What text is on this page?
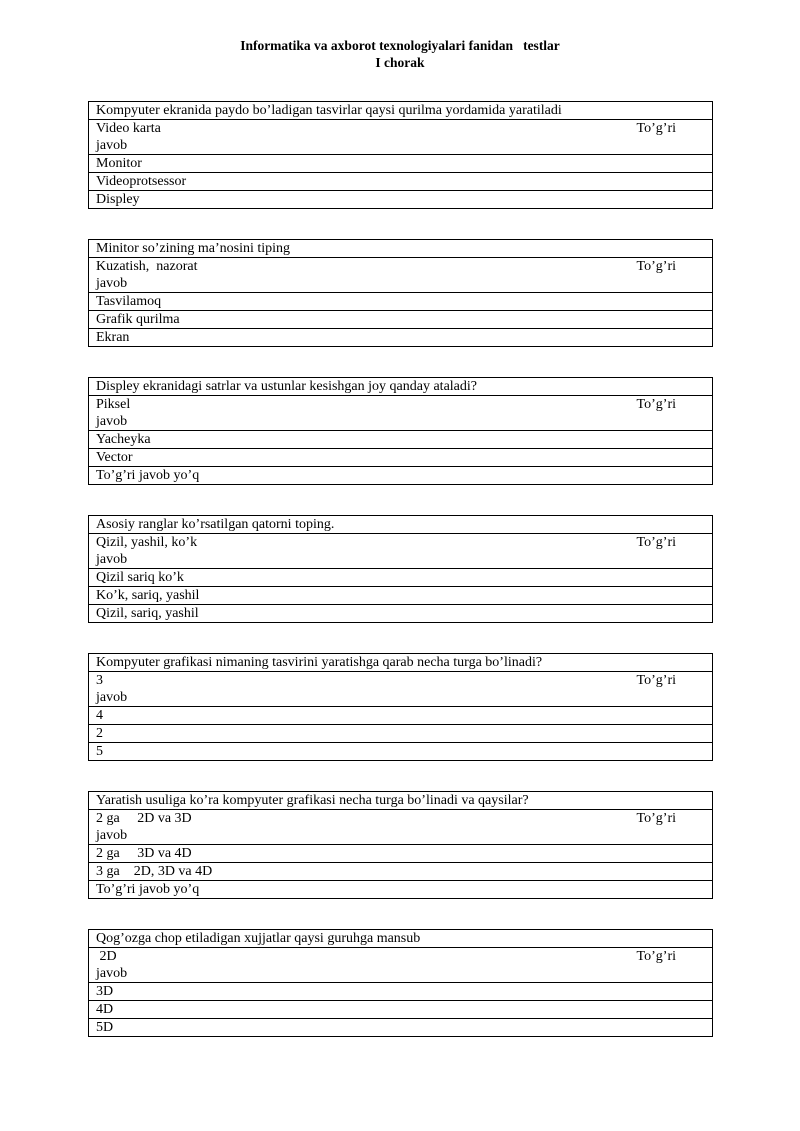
Informatika va axborot texnologiyalari fanidan   testlar
I chorak
Kompyuter ekranida paydo bo’ladigan tasvirlar qaysi qurilma yordamida yaratiladi

Video karta	To’g’ri
javob

Monitor
Videoprotsessor
Displey
Minitor so’zining ma’nosini tiping

Kuzatish,  nazorat	To’g’ri
javob

Tasvilamoq
Grafik qurilma
Ekran
Displey ekranidagi satrlar va ustunlar kesishgan joy qanday ataladi?

Piksel	To’g’ri
javob

Yacheyka
Vector
To’g’ri javob yo’q
Asosiy ranglar ko’rsatilgan qatorni toping.

Qizil, yashil, ko’k	To’g’ri
javob

Qizil sariq ko’k
Ko’k, sariq, yashil
Qizil, sariq, yashil
Kompyuter grafikasi nimaning tasvirini yaratishga qarab necha turga bo’linadi?

3	To’g’ri
javob

4
2
5
Yaratish usuliga ko’ra kompyuter grafikasi necha turga bo’linadi va qaysilar?

2 ga     2D va 3D	To’g’ri
javob

2 ga     3D va 4D
3 ga    2D, 3D va 4D
To’g’ri javob yo’q
Qog’ozga chop etiladigan xujjatlar qaysi guruhga mansub

2D	To’g’ri
javob

3D
4D
5D
